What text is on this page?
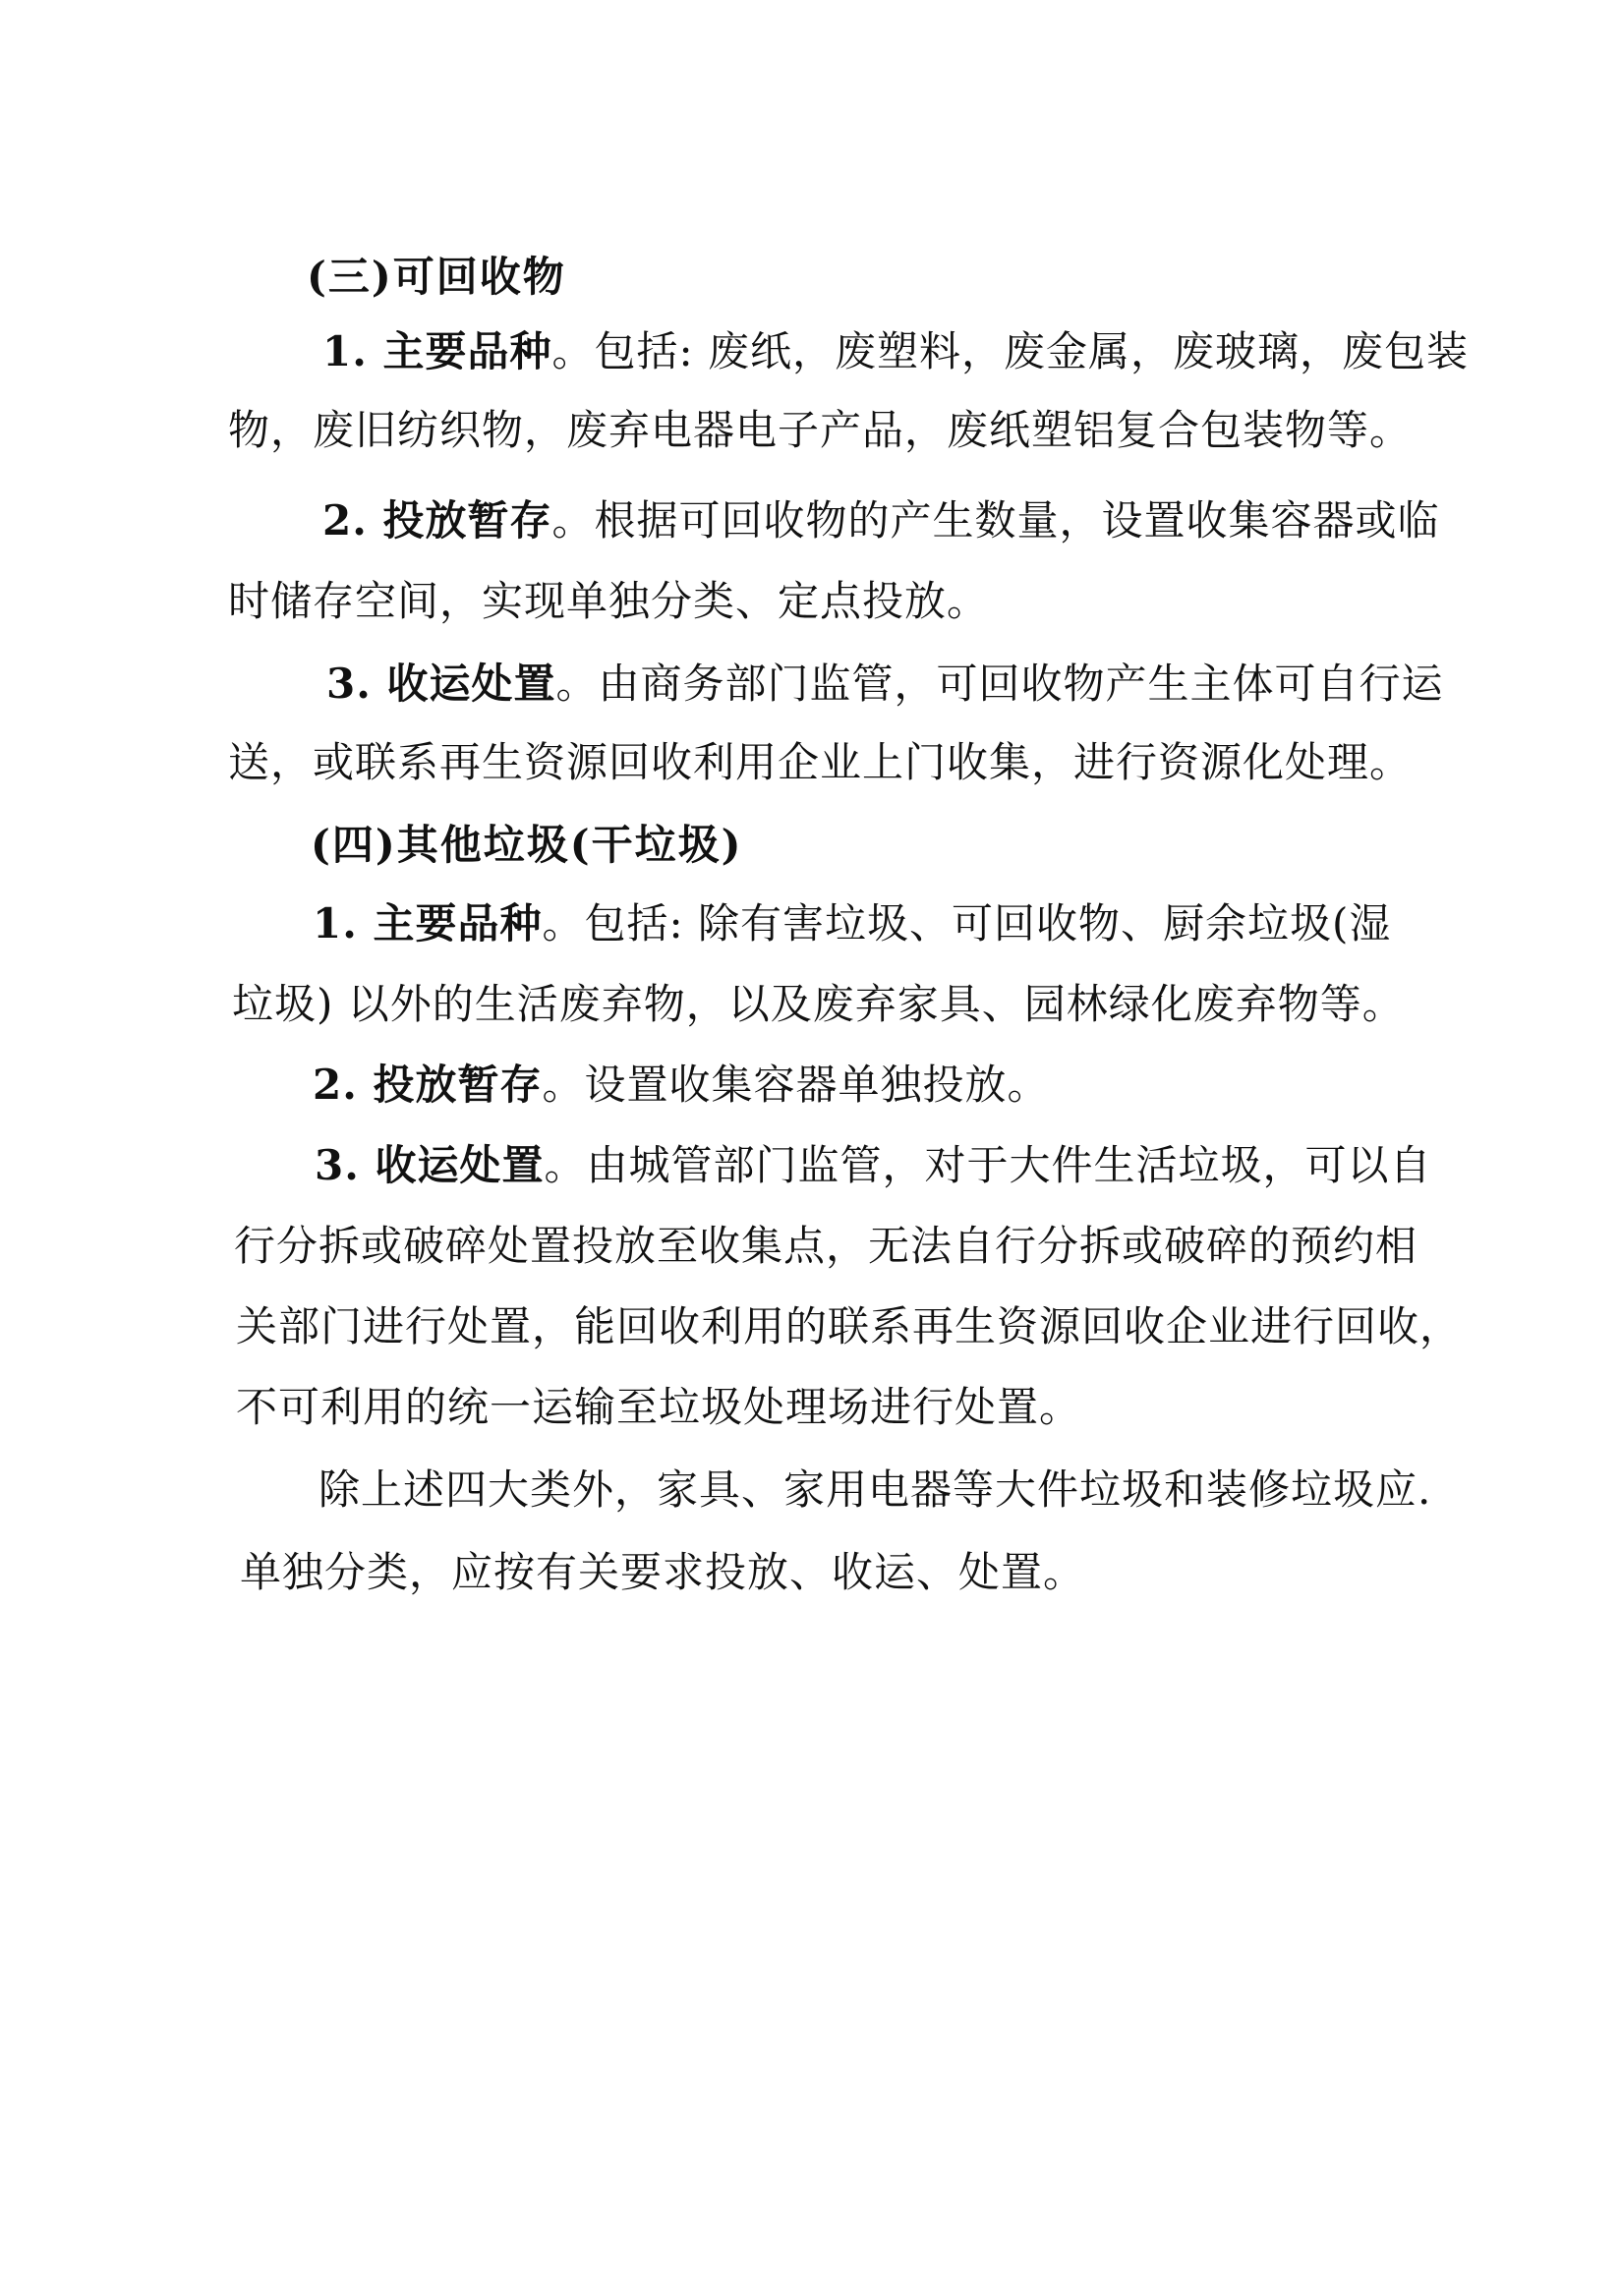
(三)可回收物

1. 主要品种。包括: 废纸，废塑料，废金属，废玻璃，废包装

物，废旧纺织物，废弃电器电子产品，废纸塑铝复合包装物等。

2. 投放暂存。根据可回收物的产生数量，设置收集容器或临

时储存空间，实现单独分类、定点投放。

3. 收运处置。由商务部门监管，可回收物产生主体可自行运

送，或联系再生资源回收利用企业上门收集，进行资源化处理。

(四)其他垃圾(干垃圾)

1. 主要品种。包括: 除有害垃圾、可回收物、厨余垃圾(湿

垃圾) 以外的生活废弃物，以及废弃家具、园林绿化废弃物等。

2. 投放暂存。设置收集容器单独投放。

3. 收运处置。由城管部门监管，对于大件生活垃圾，可以自

行分拆或破碎处置投放至收集点，无法自行分拆或破碎的预约相

关部门进行处置，能回收利用的联系再生资源回收企业进行回收，

不可利用的统一运输至垃圾处理场进行处置。

除上述四大类外，家具、家用电器等大件垃圾和装修垃圾应.

单独分类，应按有关要求投放、收运、处置。
